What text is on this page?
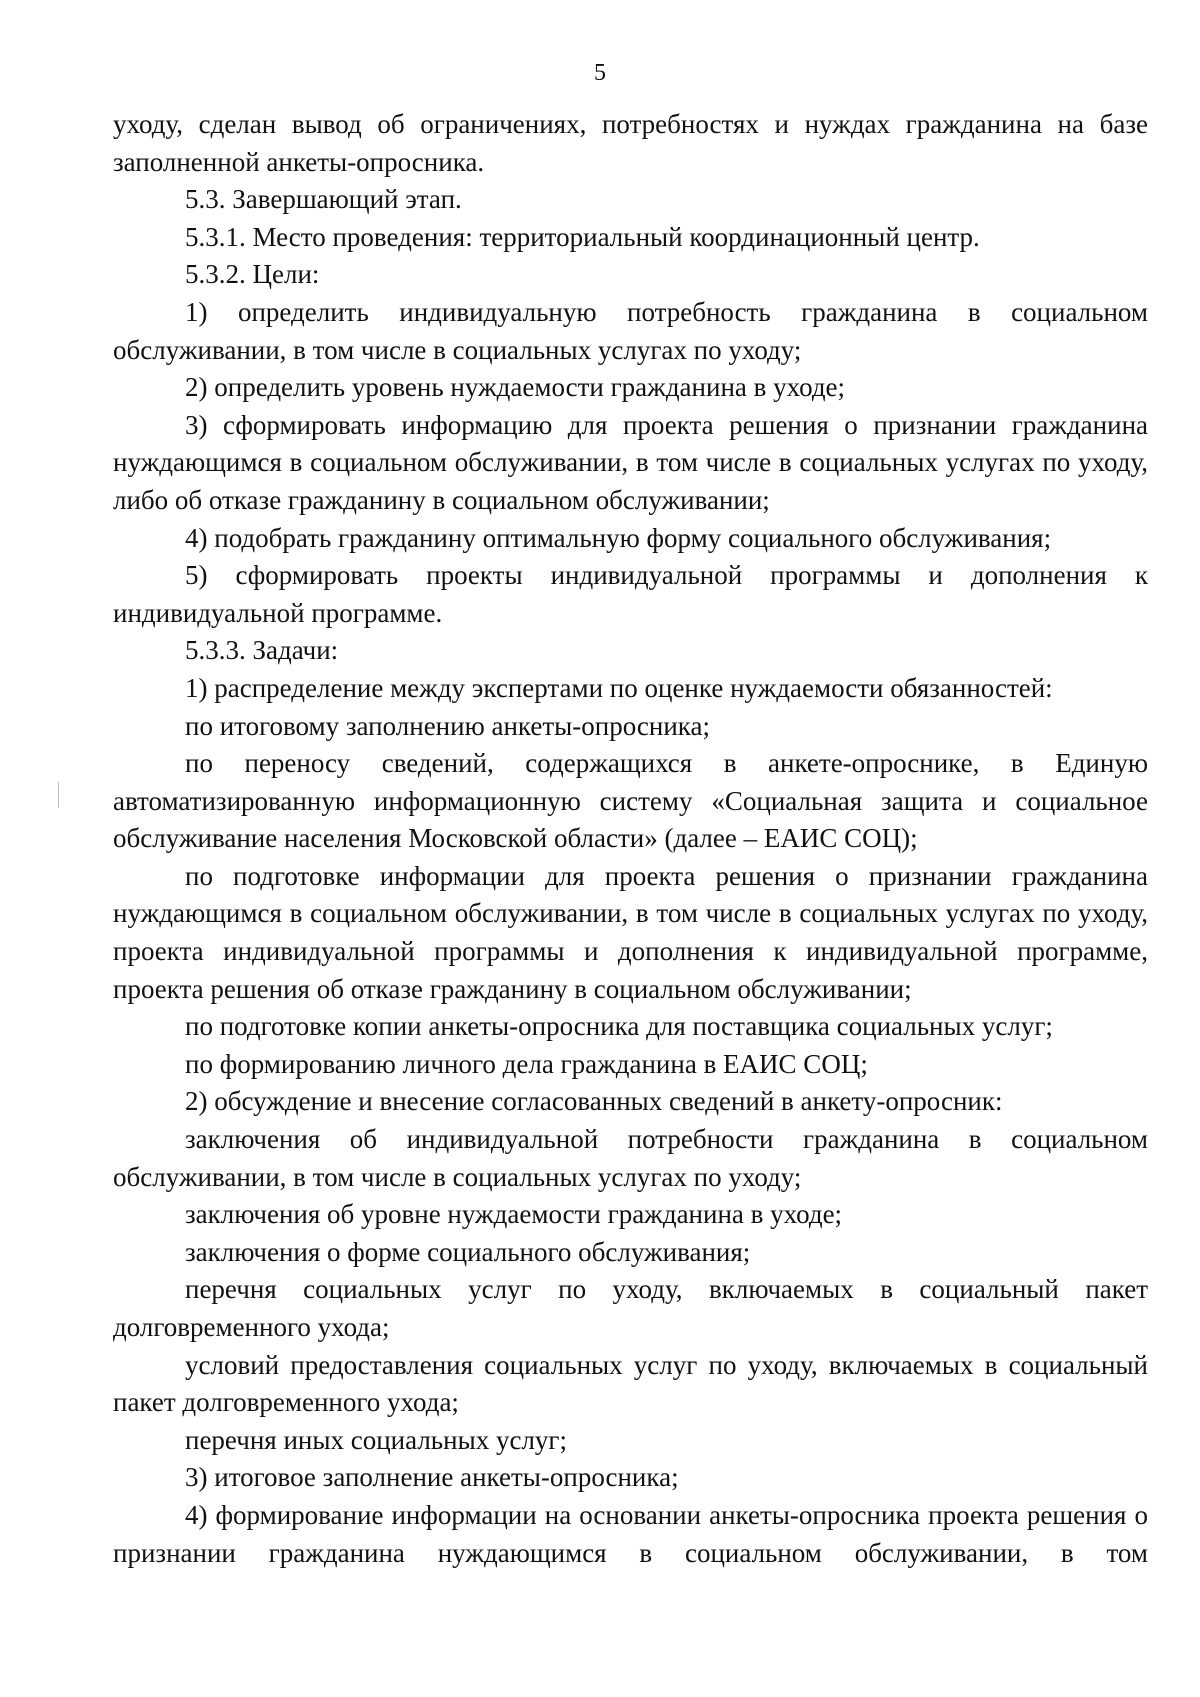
5

уходу, сделан вывод об ограничениях, потребностях и нуждах гражданина на базе заполненной анкеты-опросника.

5.3. Завершающий этап.

5.3.1. Место проведения: территориальный координационный центр.

5.3.2. Цели:

1) определить индивидуальную потребность гражданина в социальном обслуживании, в том числе в социальных услугах по уходу;

2) определить уровень нуждаемости гражданина в уходе;

3) сформировать информацию для проекта решения о признании гражданина нуждающимся в социальном обслуживании, в том числе в социальных услугах по уходу, либо об отказе гражданину в социальном обслуживании;

4) подобрать гражданину оптимальную форму социального обслуживания;

5) сформировать проекты индивидуальной программы и дополнения к индивидуальной программе.

5.3.3. Задачи:

1) распределение между экспертами по оценке нуждаемости обязанностей:

по итоговому заполнению анкеты-опросника;

по переносу сведений, содержащихся в анкете-опроснике, в Единую автоматизированную информационную систему «Социальная защита и социальное обслуживание населения Московской области» (далее – ЕАИС СОЦ);

по подготовке информации для проекта решения о признании гражданина нуждающимся в социальном обслуживании, в том числе в социальных услугах по уходу, проекта индивидуальной программы и дополнения к индивидуальной программе, проекта решения об отказе гражданину в социальном обслуживании;

по подготовке копии анкеты-опросника для поставщика социальных услуг;

по формированию личного дела гражданина в ЕАИС СОЦ;

2) обсуждение и внесение согласованных сведений в анкету-опросник:

заключения об индивидуальной потребности гражданина в социальном обслуживании, в том числе в социальных услугах по уходу;

заключения об уровне нуждаемости гражданина в уходе;

заключения о форме социального обслуживания;

перечня социальных услуг по уходу, включаемых в социальный пакет долговременного ухода;

условий предоставления социальных услуг по уходу, включаемых в социальный пакет долговременного ухода;

перечня иных социальных услуг;

3) итоговое заполнение анкеты-опросника;

4) формирование информации на основании анкеты-опросника проекта решения о признании гражданина нуждающимся в социальном обслуживании, в том
